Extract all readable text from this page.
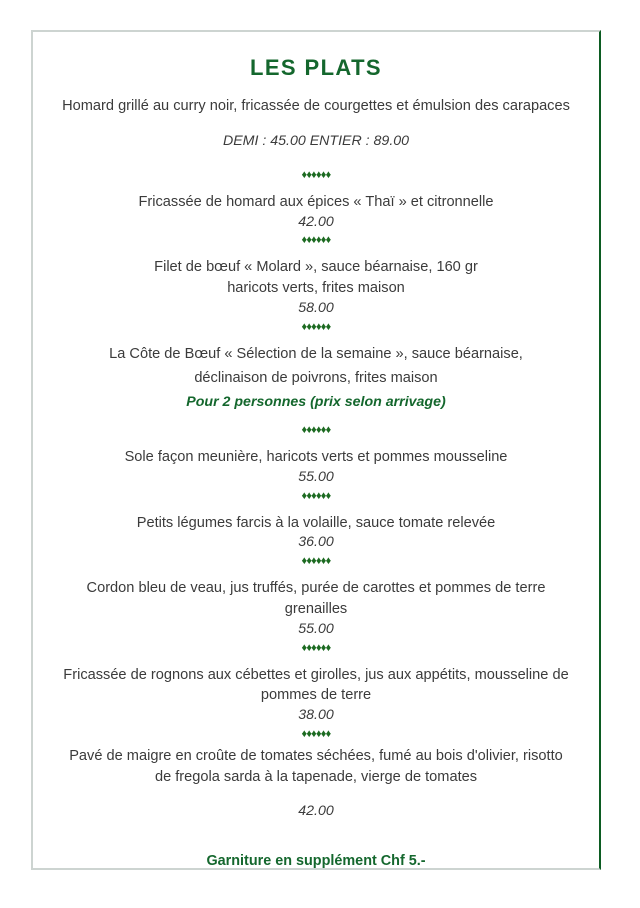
LES PLATS

Homard grillé au curry noir, fricassée de courgettes et émulsion des carapaces

DEMI : 45.00 ENTIER : 89.00

♦♦♦♦♦♦

Fricassée de homard aux épices « Thaï » et citronnelle

42.00

♦♦♦♦♦♦

Filet de bœuf « Molard », sauce béarnaise, 160 gr

haricots verts, frites maison

58.00

♦♦♦♦♦♦

La Côte de Bœuf « Sélection de la semaine », sauce béarnaise,

déclinaison de poivrons, frites maison

Pour 2 personnes (prix selon arrivage)

♦♦♦♦♦♦

Sole façon meunière, haricots verts et pommes mousseline

55.00

♦♦♦♦♦♦

Petits légumes farcis à la volaille, sauce tomate relevée

36.00

♦♦♦♦♦♦

Cordon bleu de veau, jus truffés, purée de carottes et pommes de terre

grenailles

55.00

♦♦♦♦♦♦

Fricassée de rognons aux cébettes et girolles, jus aux appétits, mousseline de

pommes de terre

38.00

♦♦♦♦♦♦

Pavé de maigre en croûte de tomates séchées, fumé au bois d'olivier, risotto

de fregola sarda à la tapenade, vierge de tomates

42.00

Garniture en supplément Chf 5.-
